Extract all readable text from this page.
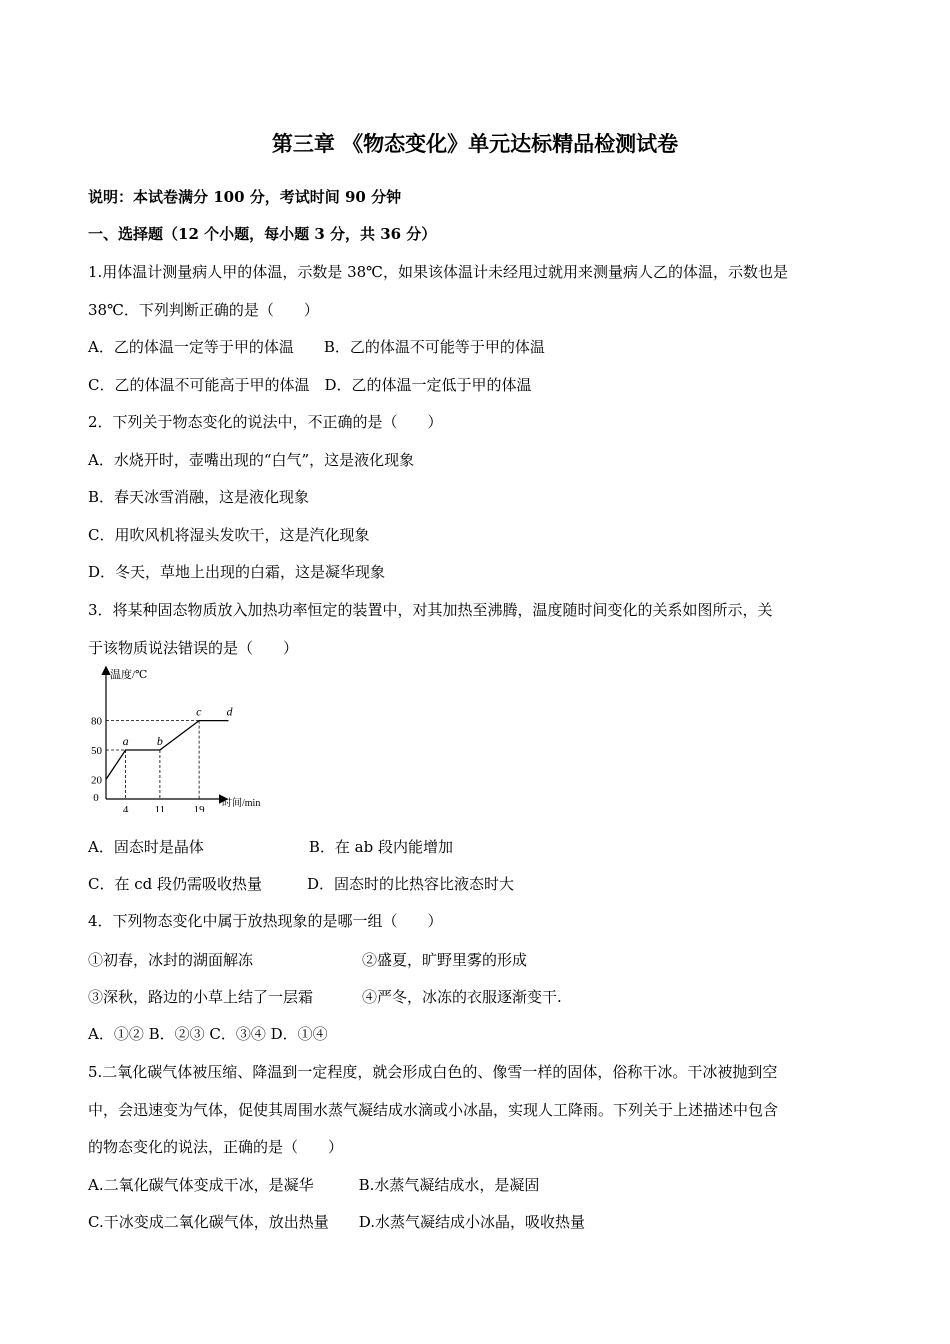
第三章 《物态变化》单元达标精品检测试卷
说明：本试卷满分 100 分，考试时间 90 分钟
一、选择题（12 个小题，每小题 3 分，共 36 分）
1.用体温计测量病人甲的体温，示数是 38℃，如果该体温计未经甩过就用来测量病人乙的体温，示数也是
38℃．下列判断正确的是（　　）
A．乙的体温一定等于甲的体温　　B．乙的体温不可能等于甲的体温
C．乙的体温不可能高于甲的体温　D．乙的体温一定低于甲的体温
2．下列关于物态变化的说法中，不正确的是（　　）
A．水烧开时，壶嘴出现的“白气”，这是液化现象
B．春天冰雪消融，这是液化现象
C．用吹风机将湿头发吹干，这是汽化现象
D．冬天，草地上出现的白霜，这是凝华现象
3．将某种固态物质放入加热功率恒定的装置中，对其加热至沸腾，温度随时间变化的关系如图所示，关
于该物质说法错误的是（　　）
温度/℃
时间/min
20
50
80
0
4 11	19
a b
c d
A．固态时是晶体　　　　　　　B．在 ab 段内能增加
C．在 cd 段仍需吸收热量　　　D．固态时的比热容比液态时大
4．下列物态变化中属于放热现象的是哪一组（　　）
①初春，冰封的湖面解冻	②盛夏，旷野里雾的形成
③深秋，路边的小草上结了一层霜	④严冬，冰冻的衣服逐渐变干.
A．①② B．②③ C．③④ D．①④
5.二氧化碳气体被压缩、降温到一定程度，就会形成白色的、像雪一样的固体，俗称干冰。干冰被抛到空
中，会迅速变为气体，促使其周围水蒸气凝结成水滴或小冰晶，实现人工降雨。下列关于上述描述中包含
的物态变化的说法，正确的是（　　）
A.二氧化碳气体变成干冰，是凝华　　　B.水蒸气凝结成水，是凝固
C.干冰变成二氧化碳气体，放出热量　　D.水蒸气凝结成小冰晶，吸收热量
